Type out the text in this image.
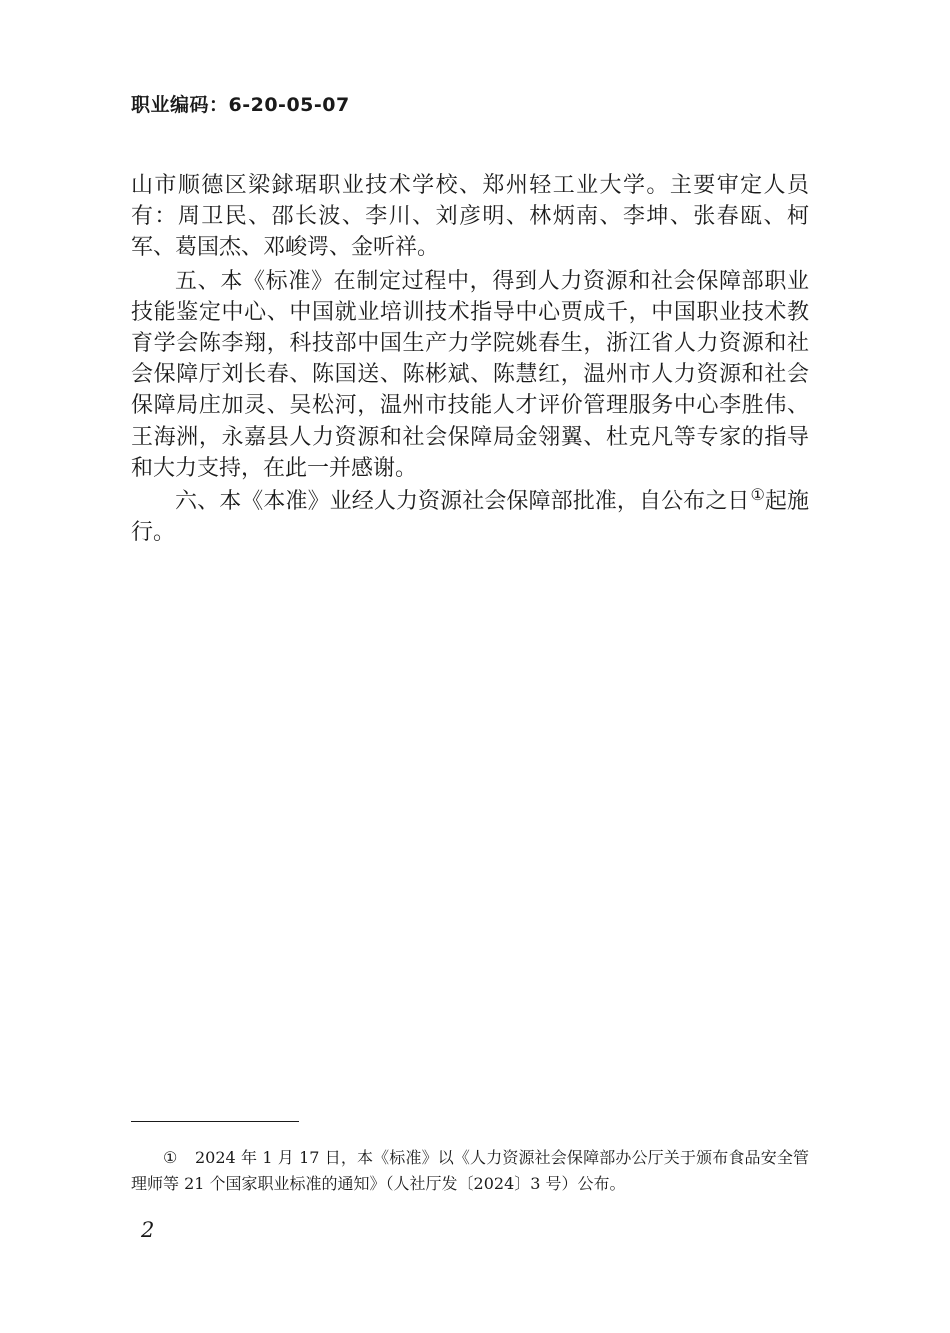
职业编码：6-20-05-07

山市顺德区梁銶琚职业技术学校、郑州轻工业大学。主要审定人员有：周卫民、邵长波、李川、刘彦明、林炳南、李坤、张春瓯、柯军、葛国杰、邓峻谔、金听祥。

五、本《标准》在制定过程中，得到人力资源和社会保障部职业技能鉴定中心、中国就业培训技术指导中心贾成千，中国职业技术教育学会陈李翔，科技部中国生产力学院姚春生，浙江省人力资源和社会保障厅刘长春、陈国送、陈彬斌、陈慧红，温州市人力资源和社会保障局庄加灵、吴松河，温州市技能人才评价管理服务中心李胜伟、王海洲，永嘉县人力资源和社会保障局金翎翼、杜克凡等专家的指导和大力支持，在此一并感谢。

六、本《本准》业经人力资源社会保障部批准，自公布之日①起施行。

① 2024 年 1 月 17 日，本《标准》以《人力资源社会保障部办公厅关于颁布食品安全管理师等 21 个国家职业标准的通知》（人社厅发〔2024〕3 号）公布。

2
